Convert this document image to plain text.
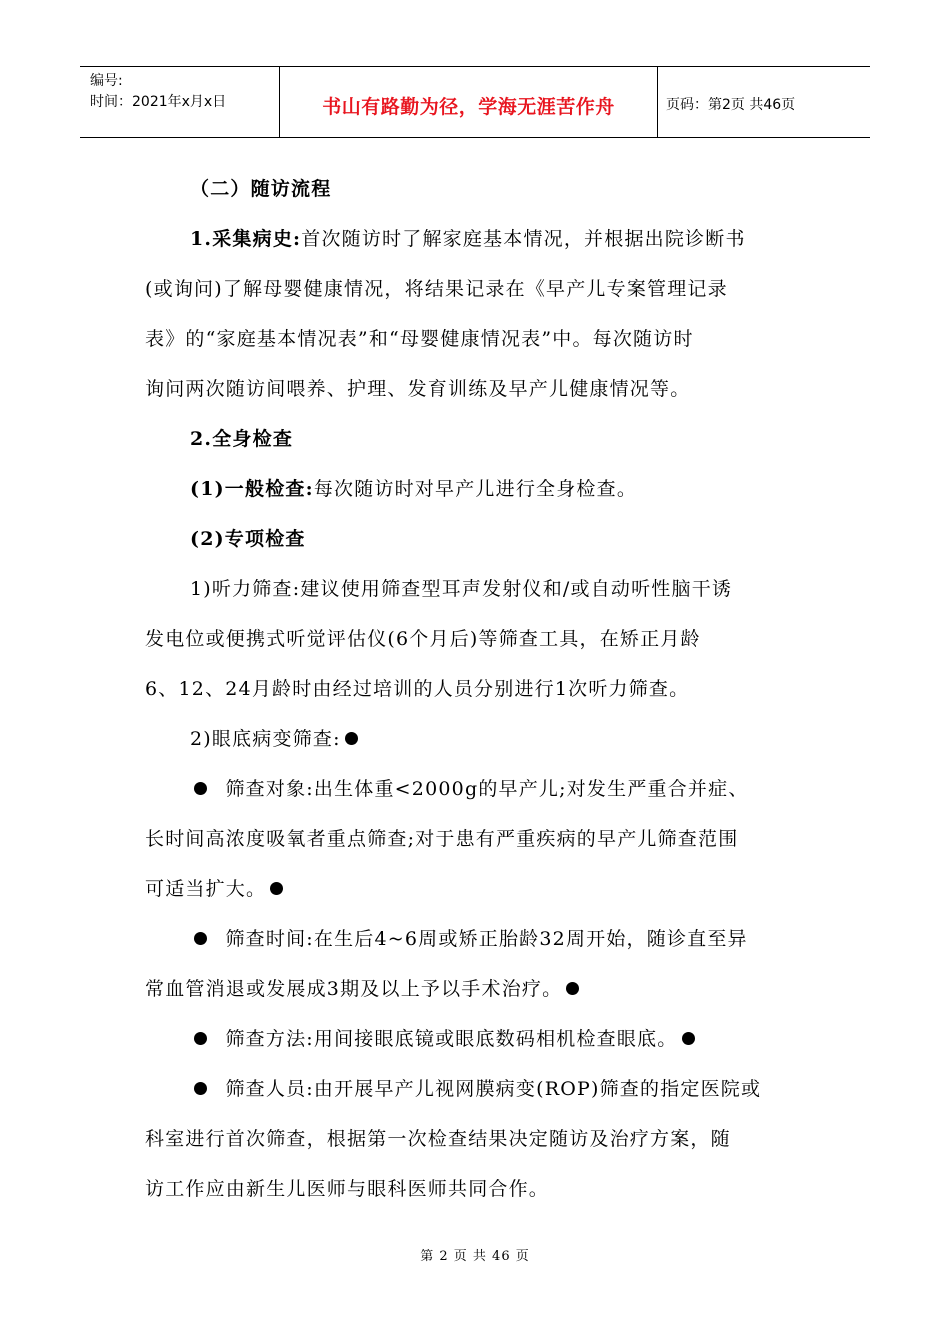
编号:
时间：2021年x月x日	书山有路勤为径，学海无涯苦作舟	页码：第2页 共46页
（二）随访流程
1.采集病史:首次随访时了解家庭基本情况，并根据出院诊断书
(或询问)了解母婴健康情况，将结果记录在《早产儿专案管理记录
表》的“家庭基本情况表”和“母婴健康情况表”中。每次随访时
询问两次随访间喂养、护理、发育训练及早产儿健康情况等。
2.全身检查
(1)一般检查:每次随访时对早产儿进行全身检查。
(2)专项检查
1)听力筛查:建议使用筛查型耳声发射仪和/或自动听性脑干诱
发电位或便携式听觉评估仪(6个月后)等筛查工具，在矫正月龄
6、12、24月龄时由经过培训的人员分别进行1次听力筛查。
2)眼底病变筛查:
筛查对象:出生体重<2000g的早产儿;对发生严重合并症、
长时间高浓度吸氧者重点筛查;对于患有严重疾病的早产儿筛查范围
可适当扩大。
筛查时间:在生后4~6周或矫正胎龄32周开始，随诊直至异
常血管消退或发展成3期及以上予以手术治疗。
筛查方法:用间接眼底镜或眼底数码相机检查眼底。
筛查人员:由开展早产儿视网膜病变(ROP)筛查的指定医院或
科室进行首次筛查，根据第一次检查结果决定随访及治疗方案，随
访工作应由新生儿医师与眼科医师共同合作。
第 2 页 共 46 页
